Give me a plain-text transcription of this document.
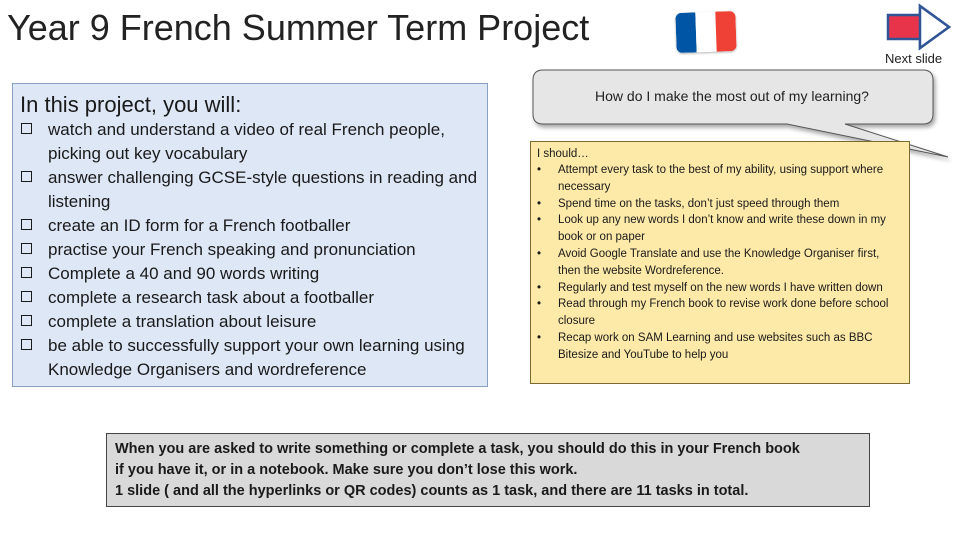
Year 9 French Summer Term Project
Next slide
In this project, you will:
watch and understand a video of real French people, picking out key vocabulary
answer challenging GCSE-style questions in reading and listening
create an ID form for a French footballer
practise your French speaking and pronunciation
Complete a 40 and 90 words writing
complete a research task about a footballer
complete a translation about leisure
be able to successfully support your own learning using Knowledge Organisers and wordreference
How do I make the most out of my learning?
I should…
• Attempt every task to the best of my ability, using support where necessary
• Spend time on the tasks, don’t just speed through them
• Look up any new words I don’t know and write these down in my book or on paper
• Avoid Google Translate and use the Knowledge Organiser first, then the website Wordreference.
• Regularly and test myself on the new words I have written down
• Read through my French book to revise work done before school closure
• Recap work on SAM Learning and use websites such as BBC Bitesize and YouTube to help you
When you are asked to write something or complete a task, you should do this in your French book
if you have it, or in a notebook. Make sure you don’t lose this work.
1 slide ( and all the hyperlinks or QR codes) counts as 1 task, and there are 11 tasks in total.
